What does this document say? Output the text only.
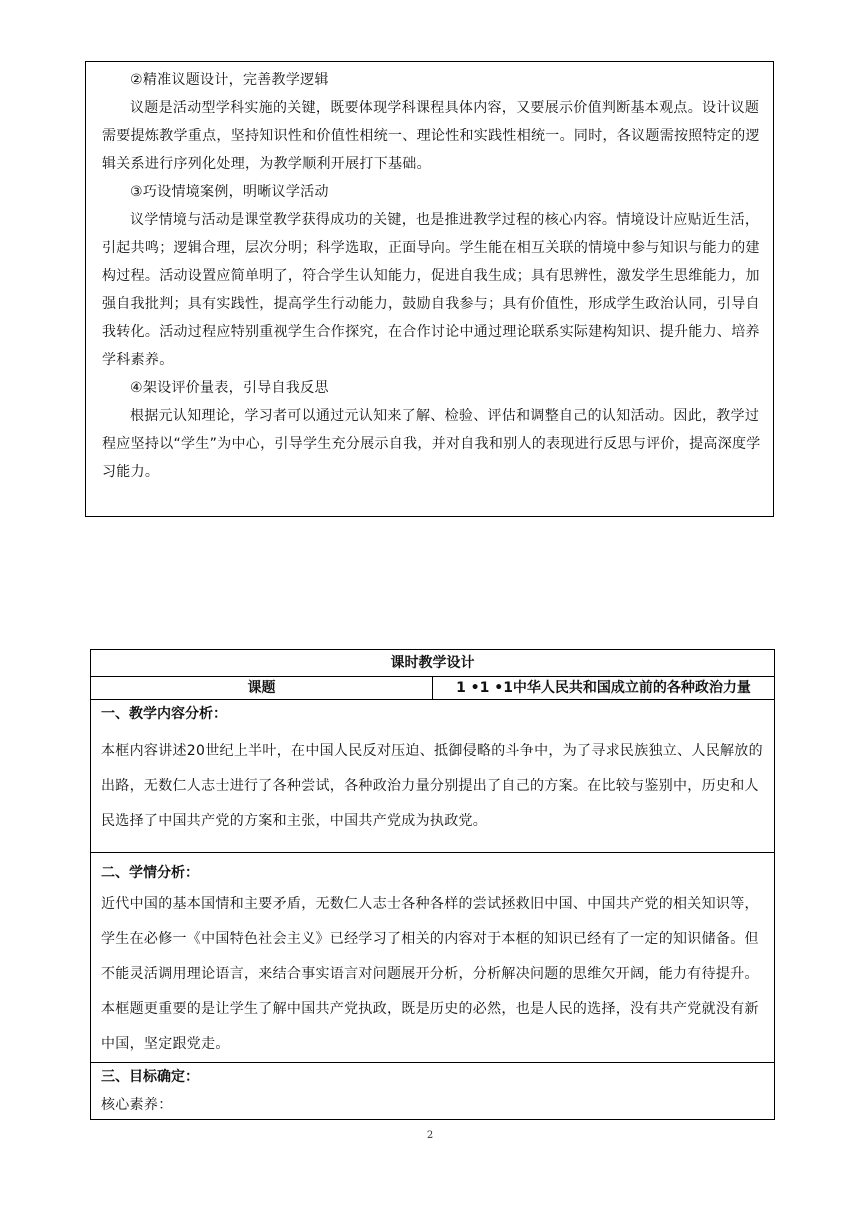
②精准议题设计，完善教学逻辑

议题是活动型学科实施的关键，既要体现学科课程具体内容，又要展示价值判断基本观点。设计议题需要提炼教学重点，坚持知识性和价值性相统一、理论性和实践性相统一。同时，各议题需按照特定的逻辑关系进行序列化处理，为教学顺利开展打下基础。

③巧设情境案例，明晰议学活动

议学情境与活动是课堂教学获得成功的关键，也是推进教学过程的核心内容。情境设计应贴近生活，引起共鸣；逻辑合理，层次分明；科学选取，正面导向。学生能在相互关联的情境中参与知识与能力的建构过程。活动设置应简单明了，符合学生认知能力，促进自我生成；具有思辨性，激发学生思维能力，加强自我批判；具有实践性，提高学生行动能力，鼓励自我参与；具有价值性，形成学生政治认同，引导自我转化。活动过程应特别重视学生合作探究，在合作讨论中通过理论联系实际建构知识、提升能力、培养学科素养。

④架设评价量表，引导自我反思

根据元认知理论，学习者可以通过元认知来了解、检验、评估和调整自己的认知活动。因此，教学过程应坚持以“学生”为中心，引导学生充分展示自我，并对自我和别人的表现进行反思与评价，提高深度学习能力。

课时教学设计
课题	1 •1 •1中华人民共和国成立前的各种政治力量

一、教学内容分析：
本框内容讲述20世纪上半叶，在中国人民反对压迫、抵御侵略的斗争中，为了寻求民族独立、人民解放的出路，无数仁人志士进行了各种尝试，各种政治力量分别提出了自己的方案。在比较与鉴别中，历史和人民选择了中国共产党的方案和主张，中国共产党成为执政党。

二、学情分析：
近代中国的基本国情和主要矛盾，无数仁人志士各种各样的尝试拯救旧中国、中国共产党的相关知识等，学生在必修一《中国特色社会主义》已经学习了相关的内容对于本框的知识已经有了一定的知识储备。但不能灵活调用理论语言，来结合事实语言对问题展开分析，分析解决问题的思维欠开阔，能力有待提升。本框题更重要的是让学生了解中国共产党执政，既是历史的必然，也是人民的选择，没有共产党就没有新中国，坚定跟党走。

三、目标确定：
核心素养：
2
